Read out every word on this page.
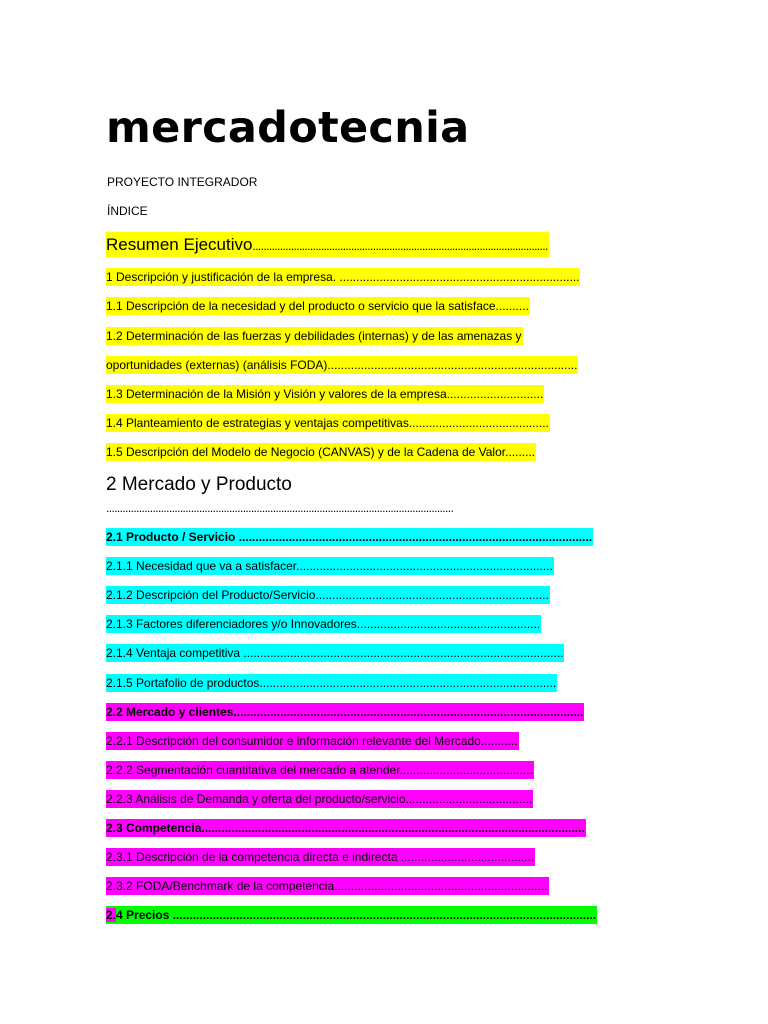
mercadotecnia
PROYECTO INTEGRADOR
ÍNDICE
Resumen Ejecutivo............................................................................................................
1 Descripción y justificación de la empresa. ........................................................................
1.1 Descripción de la necesidad y del producto o servicio que la satisface..........
1.2 Determinación de las fuerzas y debilidades (internas) y de las amenazas y
oportunidades (externas) (análisis FODA)...........................................................................
1.3 Determinación de la Misión y Visión y valores de la empresa.............................
1.4 Planteamiento de estrategias y ventajas competitivas..........................................
1.5 Descripción del Modelo de Negocio (CANVAS) y de la Cadena de Valor.........
2 Mercado y Producto
...............................................................................................................................
2.1 Producto / Servicio ..........................................................................................................
2.1.1 Necesidad que va a satisfacer.............................................................................
2.1.2 Descripción del Producto/Servicio......................................................................
2.1.3 Factores diferenciadores y/o Innovadores.......................................................
2.1.4 Ventaja competitiva ................................................................................................
2.1.5 Portafolio de productos.........................................................................................
2.2 Mercado y clientes.........................................................................................................
2.2.1 Descripción del consumidor e información relevante del Mercado...........
2.2.2 Segmentación cuantitativa del mercado a atender........................................
2.2.3 Análisis de Demanda y oferta del producto/servicio......................................
2.3 Competencia...................................................................................................................
2.3.1 Descripción de la competencia directa e indirecta ........................................
2.3.2 FODA/Benchmark de la competencia................................................................
2.4 Precios ...............................................................................................................................
